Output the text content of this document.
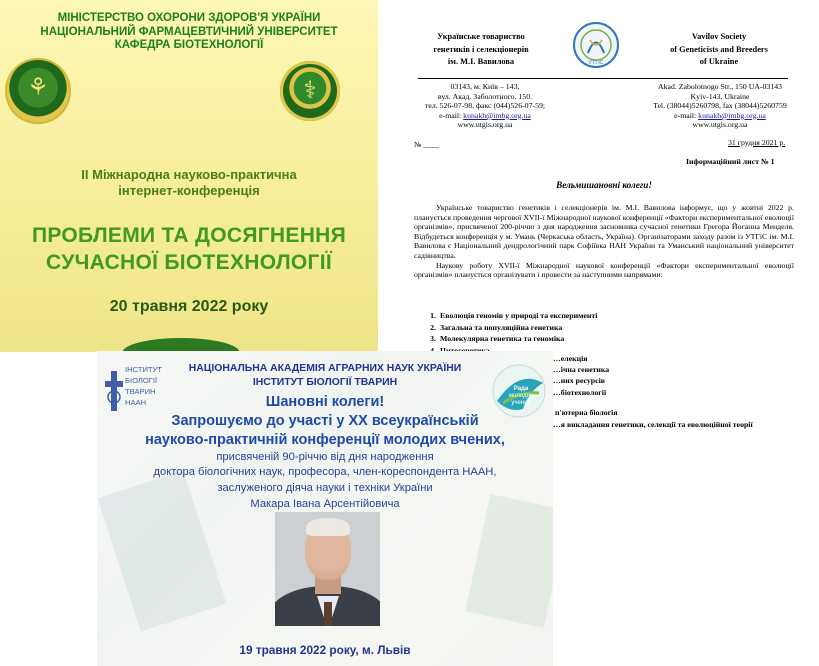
МІНІСТЕРСТВО ОХОРОНИ ЗДОРОВ'Я УКРАЇНИ
НАЦІОНАЛЬНИЙ ФАРМАЦЕВТИЧНИЙ УНІВЕРСИТЕТ
КАФЕДРА БІОТЕХНОЛОГІЇ
⚘	⚕
ІІ Міжнародна науково-практична
інтернет-конференція
ПРОБЛЕМИ ТА ДОСЯГНЕННЯ
СУЧАСНОЇ БІОТЕХНОЛОГІЇ
20 травня 2022 року
Українське товариство
генетиків і селекціонерів
ім. М.І. Вавилова	УТГіС
Vavilov Society
of Geneticists and Breeders
of Ukraine
03143, м. Київ – 143,
вул. Акад. Заболотного, 150.
тел. 526-07-98, факс (044)526-07-59;
e-mail: kunakh@imbg.org.ua
www.utgis.org.ua
Akad. Zabolotnogo Str., 150 UA-03143
Kyiv-143, Ukraine
Tel. (38044)5260798, fax (38044)5260759
e-mail: kunakh@imbg.org.ua
www.utgis.org.ua
№ ____	31 грудня 2021 р.
Інформаційний лист № 1
Вельмишановні колеги!

Українське товариство генетиків і селекціонерів ім. М.І. Вавилова інформує, що у жовтні 2022 р. планується проведення чергової XVII-ї Міжнародної наукової конференції «Фактори експериментальної еволюції організмів», присвяченої 200-річчю з дня народження засновника сучасної генетики Грегора Йоганна Менделя. Відбудеться конференція у м. Умань (Черкаська область, Україна). Організаторами заходу разом із УТГіС ім. М.І. Вавилова є Національний дендрологічний парк Софіївка НАН України та Уманський національний університет садівництва.

Наукову роботу XVII-ї Міжнародної наукової конференції «Фактори експериментальної еволюції організмів» планується організувати і провести за наступними напрямами:

1. Еволюція геномів у природі та експерименті
2. Загальна та популяційна генетика
3. Молекулярна генетика та геноміка
…елекція
…ічна генетика
…них ресурсів
…біотехнології
п'ютерна біологія
…я викладання генетики, селекції та еволюційної теорії
ІНСТИТУТ
БІОЛОГІЇ
ТВАРИН
НААН
Рада
молодих
учених
НАЦІОНАЛЬНА АКАДЕМІЯ АГРАРНИХ НАУК УКРАЇНИ
ІНСТИТУТ БІОЛОГІЇ ТВАРИН
Шановні колеги!
Запрошуємо до участі у ХХ всеукраїнській
науково-практичній конференції молодих вчених,
присвяченій 90-річчю від дня народження
доктора біологічних наук, професора, член-кореспондента НААН,
заслуженого діяча науки і техніки України
Макара Івана Арсентійовича
19 травня 2022 року, м. Львів
